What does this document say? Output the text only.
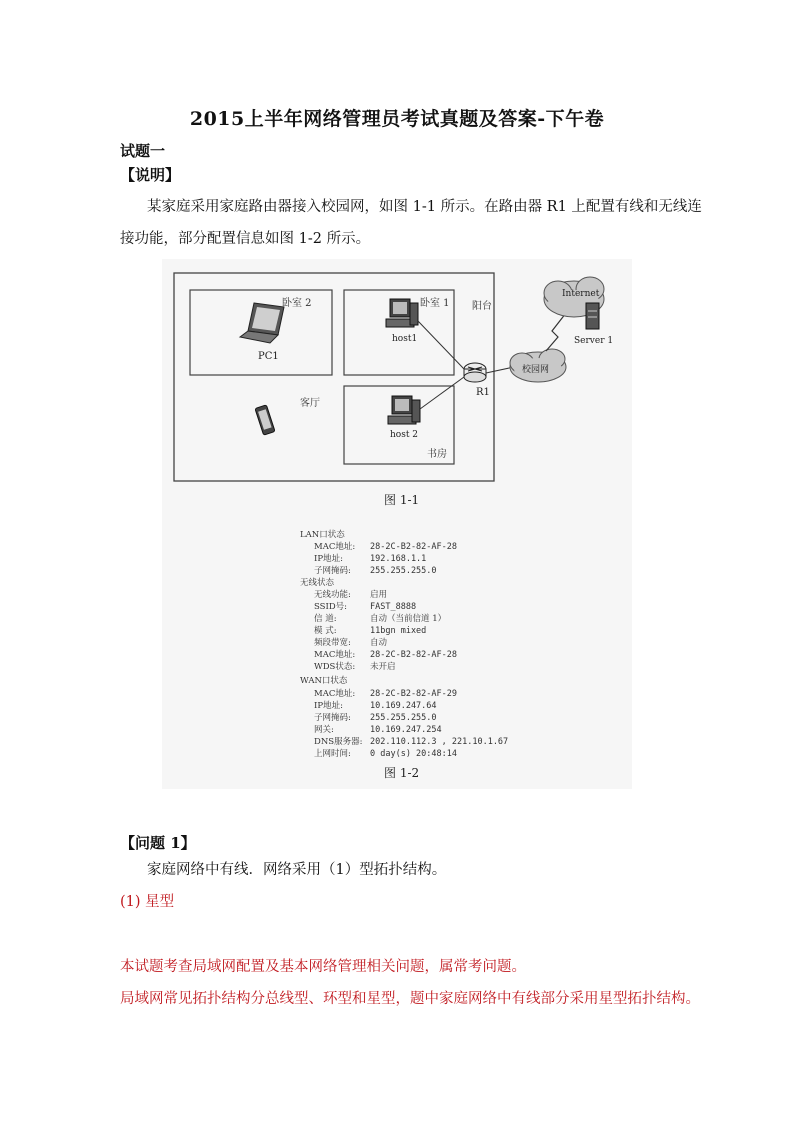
2015上半年网络管理员考试真题及答案-下午卷
试题一
【说明】
某家庭采用家庭路由器接入校园网，如图 1-1 所示。在路由器 R1 上配置有线和无线连
接功能，部分配置信息如图 1-2 所示。
卧室 2	卧室 1 阳台
客厅
书房
PC1
host1
host 2
R1
校园网
Internet
Server 1
图 1-1
LAN口状态
MAC地址: 28-2C-B2-82-AF-28
IP地址:	192.168.1.1
子网掩码: 255.255.255.0
无线状态
无线功能: 启用
SSID号:	FAST_8888
信 道:	自动（当前信道 1）
模 式:	11bgn mixed
频段带宽: 自动
MAC地址: 28-2C-B2-82-AF-28
WDS状态: 未开启
WAN口状态
MAC地址: 28-2C-B2-82-AF-29
IP地址:	10.169.247.64
子网掩码: 255.255.255.0
网关:	10.169.247.254
DNS服务器: 202.110.112.3 , 221.10.1.67
上网时间: 0 day(s) 20:48:14
图 1-2
【问题 1】
家庭网络中有线．网络采用（1）型拓扑结构。
(1) 星型
本试题考查局域网配置及基本网络管理相关问题，属常考问题。
局域网常见拓扑结构分总线型、环型和星型，题中家庭网络中有线部分采用星型拓扑结构。
